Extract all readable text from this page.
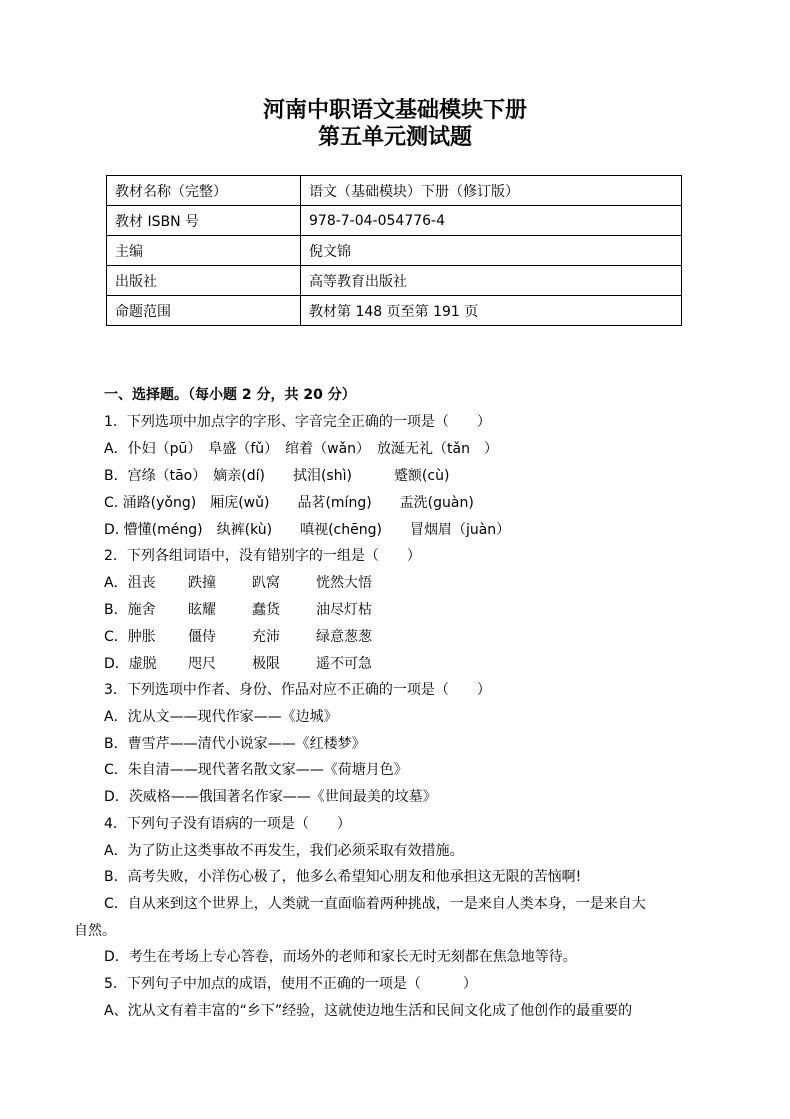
河南中职语文基础模块下册
第五单元测试题
教材名称（完整）	语文（基础模块）下册（修订版）
教材 ISBN 号	978-7-04-054776-4
主编	倪文锦
出版社	高等教育出版社
命题范围	教材第 148 页至第 191 页
一、选择题。（每小题 2 分，共 20 分）
1．下列选项中加点字的字形、字音完全正确的一项是（　　）
A．仆妇（pū）　阜盛（fǔ）　绾着（wǎn）　放涎无礼（tǎn　）
B．宫绦（tāo）　嫡亲(dí)　　拭泪(shì)　　　蹙额(cù)
C. 涌路(yǒng)　厢庑(wǔ)　　品茗(míng)　　盂洗(guàn)
D. 懵懂(méng)　纨裤(kù)　　嗔视(chēng)　　冒烟眉（juàn）
2．下列各组词语中，没有错别字的一组是（　　）
A．沮丧 跌撞	趴窝	恍然大悟
B．施舍 眩耀	蠢货	油尽灯枯
C．肿胀 僵侍	充沛	绿意葱葱
D．虚脱 咫尺	极限	遥不可急
3．下列选项中作者、身份、作品对应不正确的一项是（　　）
A．沈从文——现代作家——《边城》
B．曹雪芹——清代小说家——《红楼梦》
C．朱自清——现代著名散文家——《荷塘月色》
D．茨威格——俄国著名作家——《世间最美的坟墓》
4．下列句子没有语病的一项是（　　）
A．为了防止这类事故不再发生，我们必须采取有效措施。
B．高考失败，小洋伤心极了，他多么希望知心朋友和他承担这无限的苦恼啊!
C．自从来到这个世界上，人类就一直面临着两种挑战，一是来自人类本身，一是来自大
自然。
D．考生在考场上专心答卷，而场外的老师和家长无时无刻都在焦急地等待。
5．下列句子中加点的成语，使用不正确的一项是（　　　）
A、沈从文有着丰富的“乡下”经验，这就使边地生活和民间文化成了他创作的最重要的
